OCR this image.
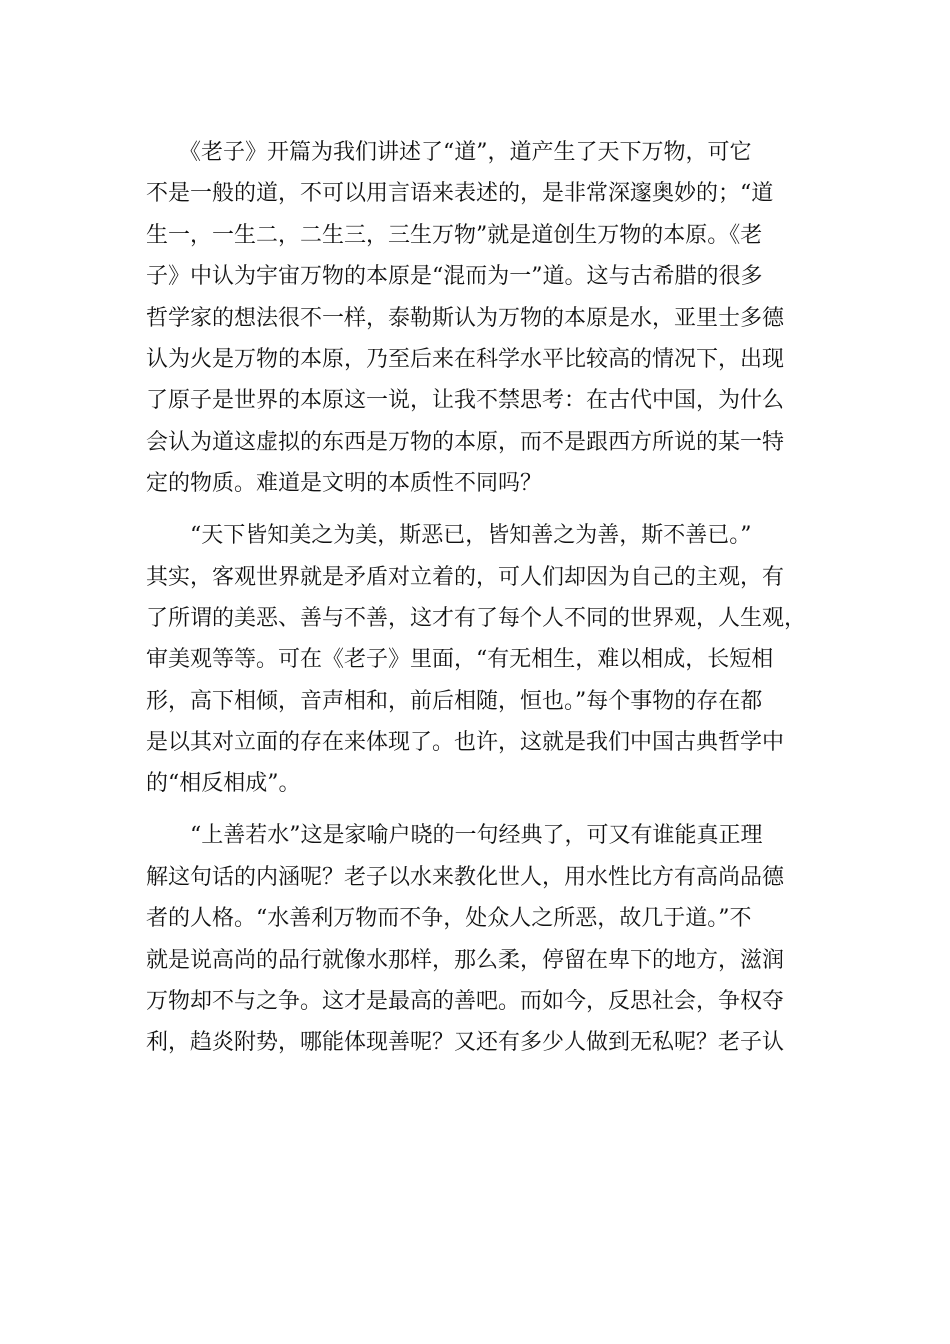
　　《老子》开篇为我们讲述了“道”，道产生了天下万物，可它
不是一般的道，不可以用言语来表述的，是非常深邃奥妙的；“道
生一，一生二，二生三，三生万物”就是道创生万物的本原。《老
子》中认为宇宙万物的本原是“混而为一”道。这与古希腊的很多
哲学家的想法很不一样，泰勒斯认为万物的本原是水，亚里士多德
认为火是万物的本原，乃至后来在科学水平比较高的情况下，出现
了原子是世界的本原这一说，让我不禁思考：在古代中国，为什么
会认为道这虚拟的东西是万物的本原，而不是跟西方所说的某一特
定的物质。难道是文明的本质性不同吗？
　　“天下皆知美之为美，斯恶已，皆知善之为善，斯不善已。”
其实，客观世界就是矛盾对立着的，可人们却因为自己的主观，有
了所谓的美恶、善与不善，这才有了每个人不同的世界观，人生观，
审美观等等。可在《老子》里面，“有无相生，难以相成，长短相
形，高下相倾，音声相和，前后相随，恒也。”每个事物的存在都
是以其对立面的存在来体现了。也许，这就是我们中国古典哲学中
的“相反相成”。
　　“上善若水”这是家喻户晓的一句经典了，可又有谁能真正理
解这句话的内涵呢？老子以水来教化世人，用水性比方有高尚品德
者的人格。“水善利万物而不争，处众人之所恶，故几于道。”不
就是说高尚的品行就像水那样，那么柔，停留在卑下的地方，滋润
万物却不与之争。这才是最高的善吧。而如今，反思社会，争权夺
利，趋炎附势，哪能体现善呢？又还有多少人做到无私呢？老子认
